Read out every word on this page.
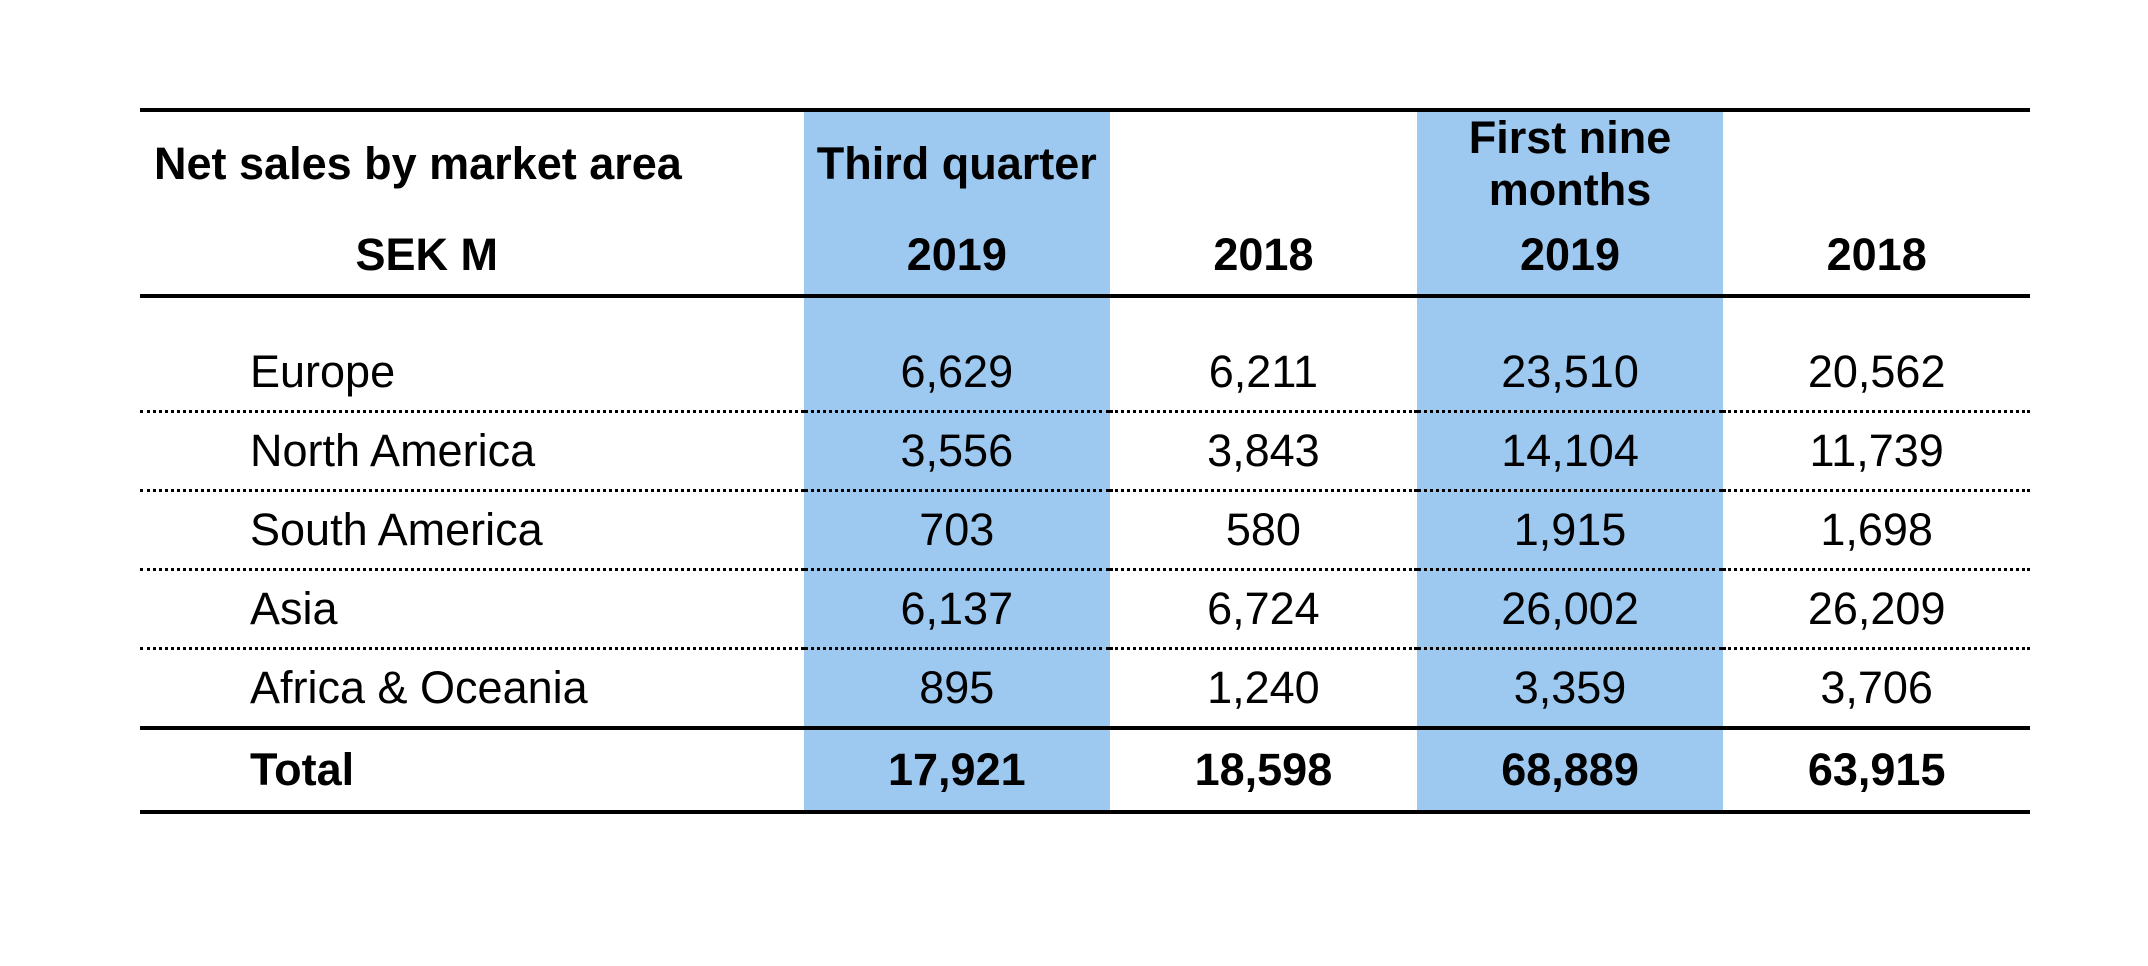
Net sales by market area	Third quarter		First nine months	
SEK M	2019	2018	2019	2018

Europe	6,629	6,211	23,510	20,562
North America	3,556	3,843	14,104	11,739
South America	703	580	1,915	1,698
Asia	6,137	6,724	26,002	26,209
Africa & Oceania	895	1,240	3,359	3,706
Total	17,921	18,598	68,889	63,915
